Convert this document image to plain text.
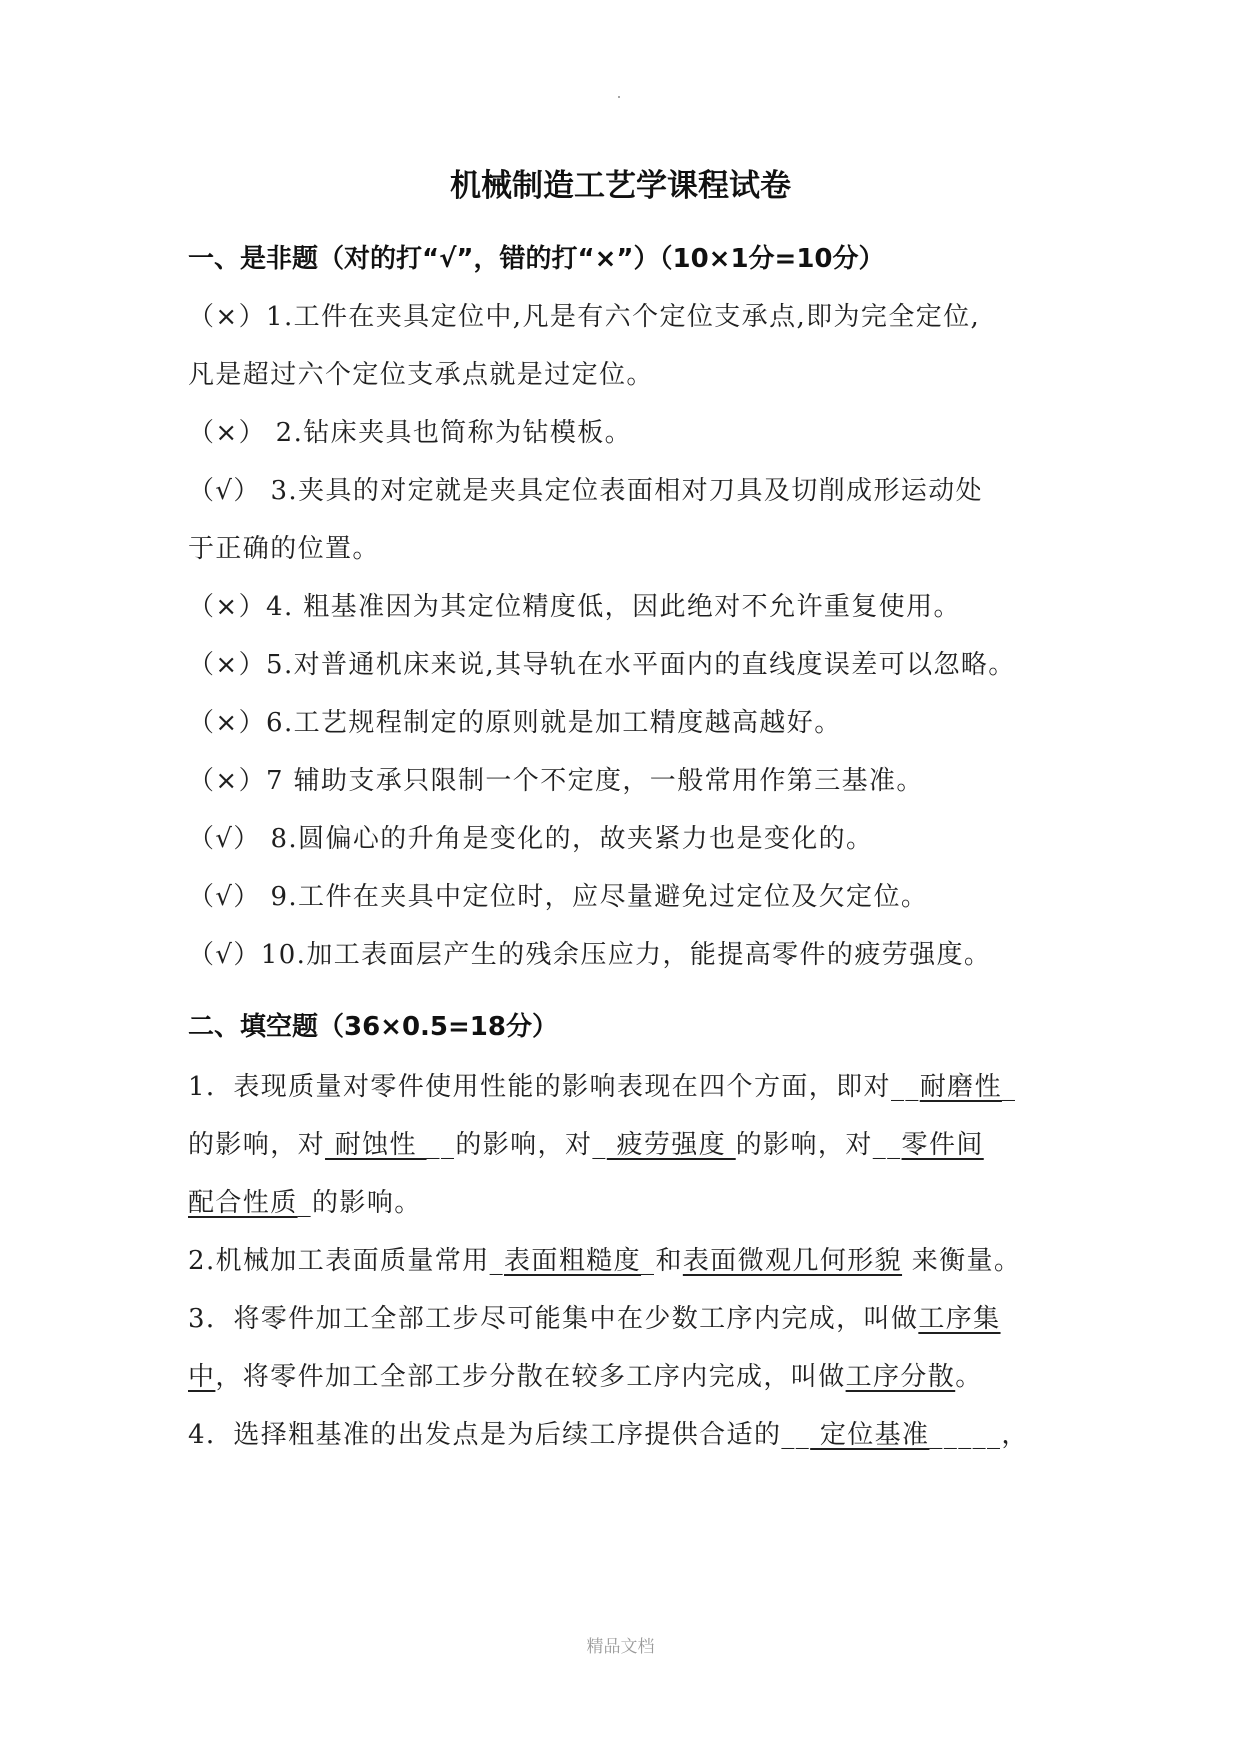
机械制造工艺学课程试卷
一、是非题（对的打“√”，错的打“×”）（10×1分=10分）
（×）1.工件在夹具定位中,凡是有六个定位支承点,即为完全定位,
凡是超过六个定位支承点就是过定位。
（×） 2.钻床夹具也简称为钻模板。
（√） 3.夹具的对定就是夹具定位表面相对刀具及切削成形运动处
于正确的位置。
（×）4. 粗基准因为其定位精度低，因此绝对不允许重复使用。
（×）5.对普通机床来说,其导轨在水平面内的直线度误差可以忽略。
（×）6.工艺规程制定的原则就是加工精度越高越好。
（×）7 辅助支承只限制一个不定度，一般常用作第三基准。
（√） 8.圆偏心的升角是变化的，故夹紧力也是变化的。
（√） 9.工件在夹具中定位时，应尽量避免过定位及欠定位。
（√）10.加工表面层产生的残余压应力，能提高零件的疲劳强度。
二、填空题（36×0.5=18分）
1．表现质量对零件使用性能的影响表现在四个方面，即对__耐磨性_
的影响，对 耐蚀性 __的影响，对_ 疲劳强度 的影响，对__零件间
配合性质_的影响。
2.机械加工表面质量常用_表面粗糙度_和表面微观几何形貌 来衡量。
3．将零件加工全部工步尽可能集中在少数工序内完成，叫做工序集
中，将零件加工全部工步分散在较多工序内完成，叫做工序分散。
4．选择粗基准的出发点是为后续工序提供合适的__ 定位基准_____，
精品文档
